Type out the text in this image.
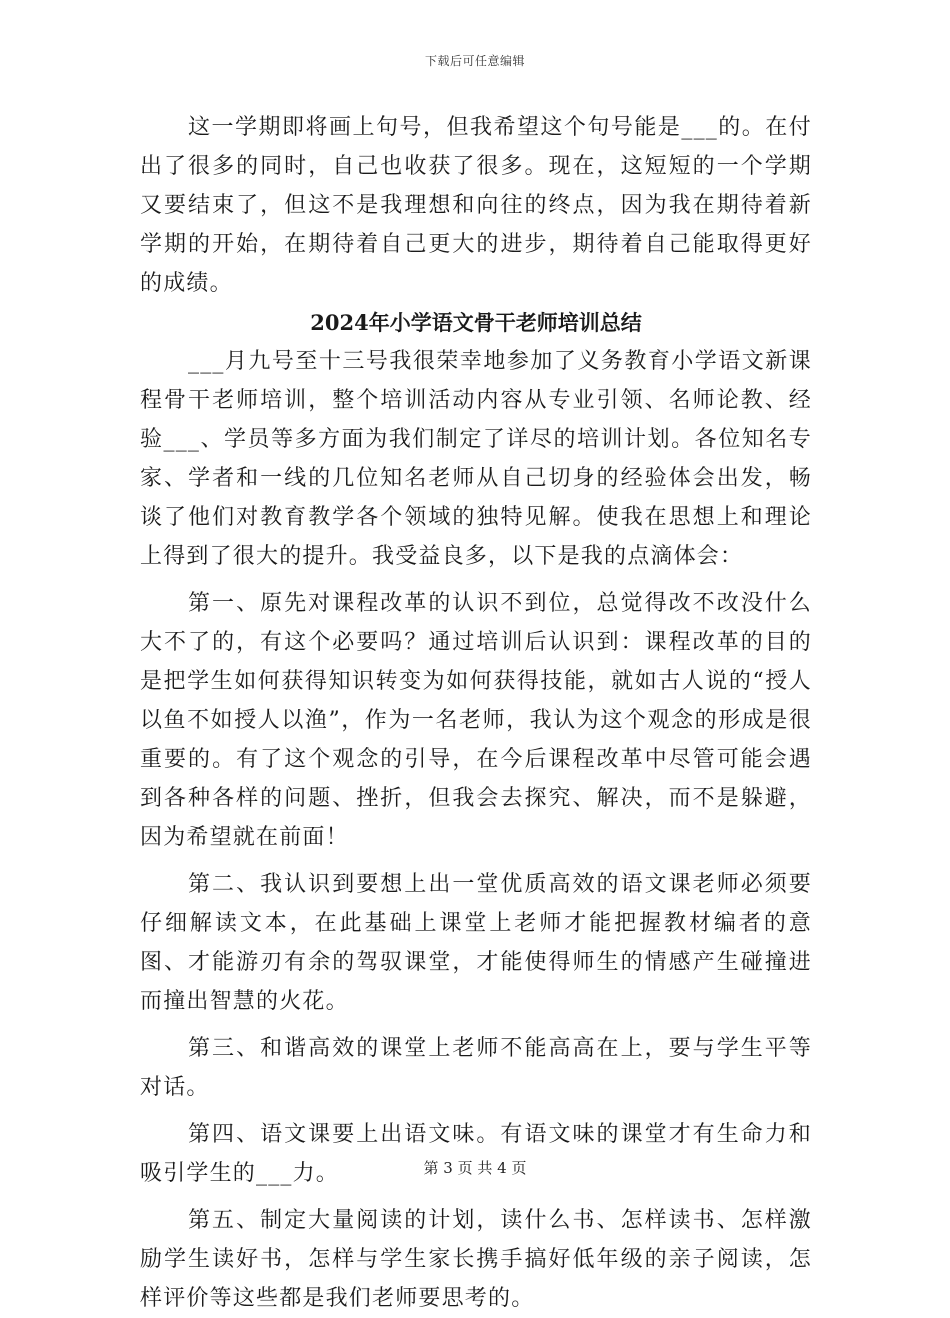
下载后可任意编辑

这一学期即将画上句号，但我希望这个句号能是___的。在付出了很多的同时，自己也收获了很多。现在，这短短的一个学期又要结束了，但这不是我理想和向往的终点，因为我在期待着新学期的开始，在期待着自己更大的进步，期待着自己能取得更好的成绩。

2024年小学语文骨干老师培训总结

___月九号至十三号我很荣幸地参加了义务教育小学语文新课程骨干老师培训，整个培训活动内容从专业引领、名师论教、经验___、学员等多方面为我们制定了详尽的培训计划。各位知名专家、学者和一线的几位知名老师从自己切身的经验体会出发，畅谈了他们对教育教学各个领域的独特见解。使我在思想上和理论上得到了很大的提升。我受益良多，以下是我的点滴体会：

第一、原先对课程改革的认识不到位，总觉得改不改没什么大不了的，有这个必要吗？通过培训后认识到：课程改革的目的是把学生如何获得知识转变为如何获得技能，就如古人说的“授人以鱼不如授人以渔”，作为一名老师，我认为这个观念的形成是很重要的。有了这个观念的引导，在今后课程改革中尽管可能会遇到各种各样的问题、挫折，但我会去探究、解决，而不是躲避，因为希望就在前面！

第二、我认识到要想上出一堂优质高效的语文课老师必须要仔细解读文本，在此基础上课堂上老师才能把握教材编者的意图、才能游刃有余的驾驭课堂，才能使得师生的情感产生碰撞进而撞出智慧的火花。

第三、和谐高效的课堂上老师不能高高在上，要与学生平等对话。

第四、语文课要上出语文味。有语文味的课堂才有生命力和吸引学生的___力。

第五、制定大量阅读的计划，读什么书、怎样读书、怎样激励学生读好书，怎样与学生家长携手搞好低年级的亲子阅读，怎样评价等这些都是我们老师要思考的。

第 3 页 共 4 页
